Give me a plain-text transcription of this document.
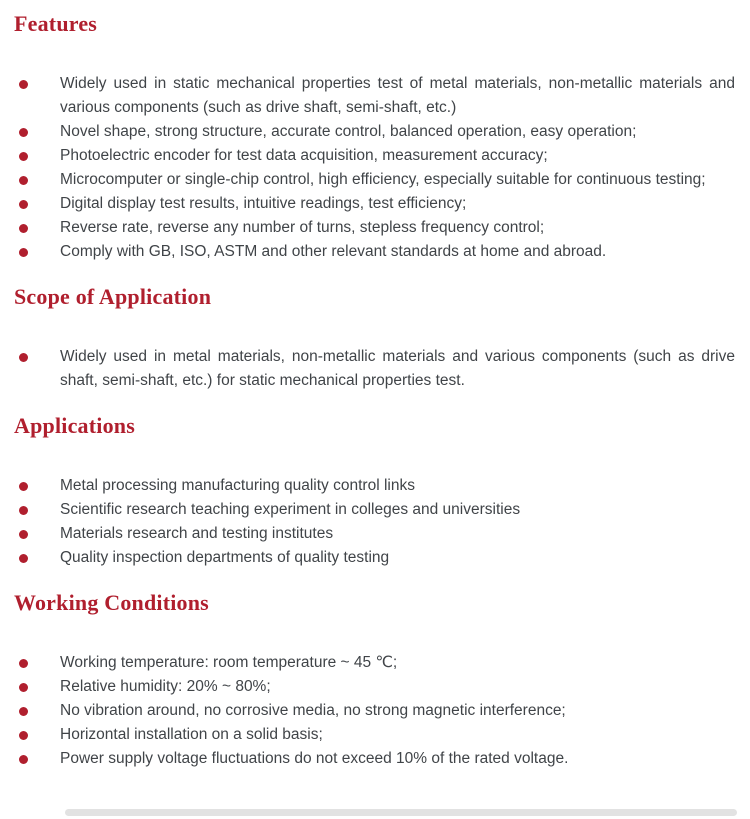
Features
Widely used in static mechanical properties test of metal materials, non-metallic materials and various components (such as drive shaft, semi-shaft, etc.)
Novel shape, strong structure, accurate control, balanced operation, easy operation;
Photoelectric encoder for test data acquisition, measurement accuracy;
Microcomputer or single-chip control, high efficiency, especially suitable for continuous testing;
Digital display test results, intuitive readings, test efficiency;
Reverse rate, reverse any number of turns, stepless frequency control;
Comply with GB, ISO, ASTM and other relevant standards at home and abroad.
Scope of Application
Widely used in metal materials, non-metallic materials and various components (such as drive shaft, semi-shaft, etc.) for static mechanical properties test.
Applications
Metal processing manufacturing quality control links
Scientific research teaching experiment in colleges and universities
Materials research and testing institutes
Quality inspection departments of quality testing
Working Conditions
Working temperature: room temperature ~ 45 ℃;
Relative humidity: 20% ~ 80%;
No vibration around, no corrosive media, no strong magnetic interference;
Horizontal installation on a solid basis;
Power supply voltage fluctuations do not exceed 10% of the rated voltage.
